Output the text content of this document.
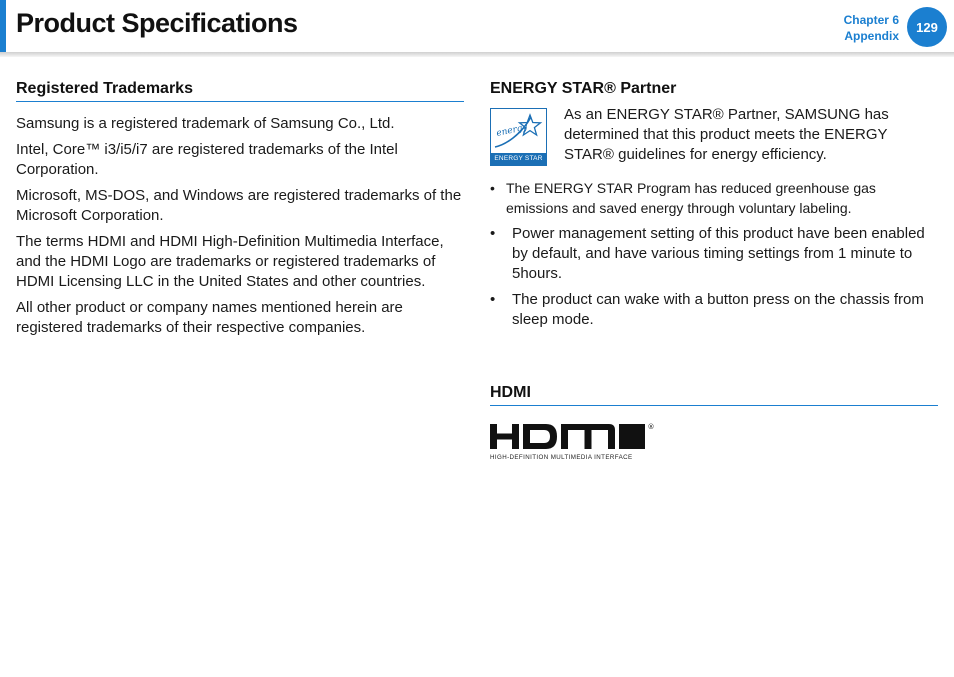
Product Specifications	Chapter 6
Appendix
129
Registered Trademarks

Samsung is a registered trademark of Samsung Co., Ltd.

Intel, Core™ i3/i5/i7 are registered trademarks of the Intel Corporation.

Microsoft, MS-DOS, and Windows are registered trademarks of the Microsoft Corporation.

The terms HDMI and HDMI High-Definition Multimedia Interface, and the HDMI Logo are trademarks or registered trademarks of HDMI Licensing LLC in the United States and other countries.

All other product or company names mentioned herein are registered trademarks of their respective companies.

ENERGY STAR® Partner
energy
ENERGY STAR

As an ENERGY STAR® Partner, SAMSUNG has determined that this product meets the ENERGY STAR® guidelines for energy efficiency.

• The ENERGY STAR Program has reduced greenhouse gas emissions and saved energy through voluntary labeling.
• Power management setting of this product have been enabled by default, and have various timing settings from 1 minute to 5hours.
• The product can wake with a button press on the chassis from sleep mode.
HDMI
®
HIGH-DEFINITION MULTIMEDIA INTERFACE
